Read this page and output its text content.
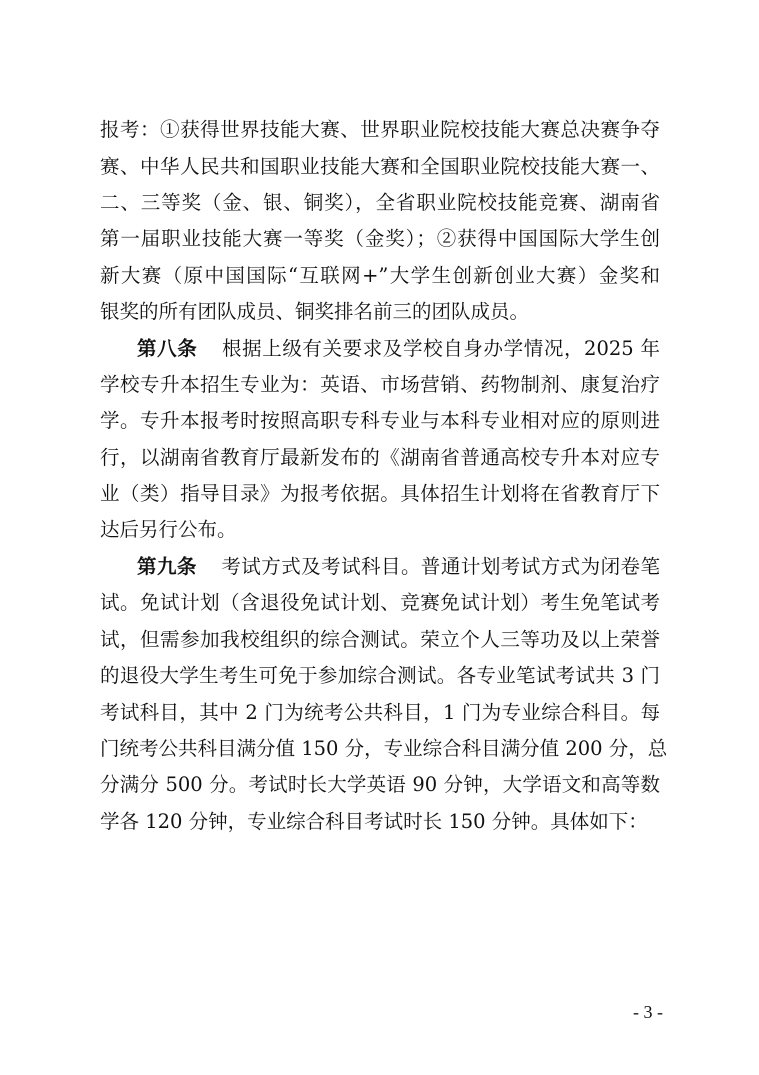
报考：①获得世界技能大赛、世界职业院校技能大赛总决赛争夺
赛、中华人民共和国职业技能大赛和全国职业院校技能大赛一、
二、三等奖（金、银、铜奖），全省职业院校技能竞赛、湖南省
第一届职业技能大赛一等奖（金奖）；②获得中国国际大学生创
新大赛（原中国国际“互联网+”大学生创新创业大赛）金奖和
银奖的所有团队成员、铜奖排名前三的团队成员。
第八条 根据上级有关要求及学校自身办学情况，2025 年
学校专升本招生专业为：英语、市场营销、药物制剂、康复治疗
学。专升本报考时按照高职专科专业与本科专业相对应的原则进
行，以湖南省教育厅最新发布的《湖南省普通高校专升本对应专
业（类）指导目录》为报考依据。具体招生计划将在省教育厅下
达后另行公布。
第九条 考试方式及考试科目。普通计划考试方式为闭卷笔
试。免试计划（含退役免试计划、竞赛免试计划）考生免笔试考
试，但需参加我校组织的综合测试。荣立个人三等功及以上荣誉
的退役大学生考生可免于参加综合测试。各专业笔试考试共 3 门
考试科目，其中 2 门为统考公共科目，1 门为专业综合科目。每
门统考公共科目满分值 150 分，专业综合科目满分值 200 分，总
分满分 500 分。考试时长大学英语 90 分钟，大学语文和高等数
学各 120 分钟，专业综合科目考试时长 150 分钟。具体如下：
- 3 -
